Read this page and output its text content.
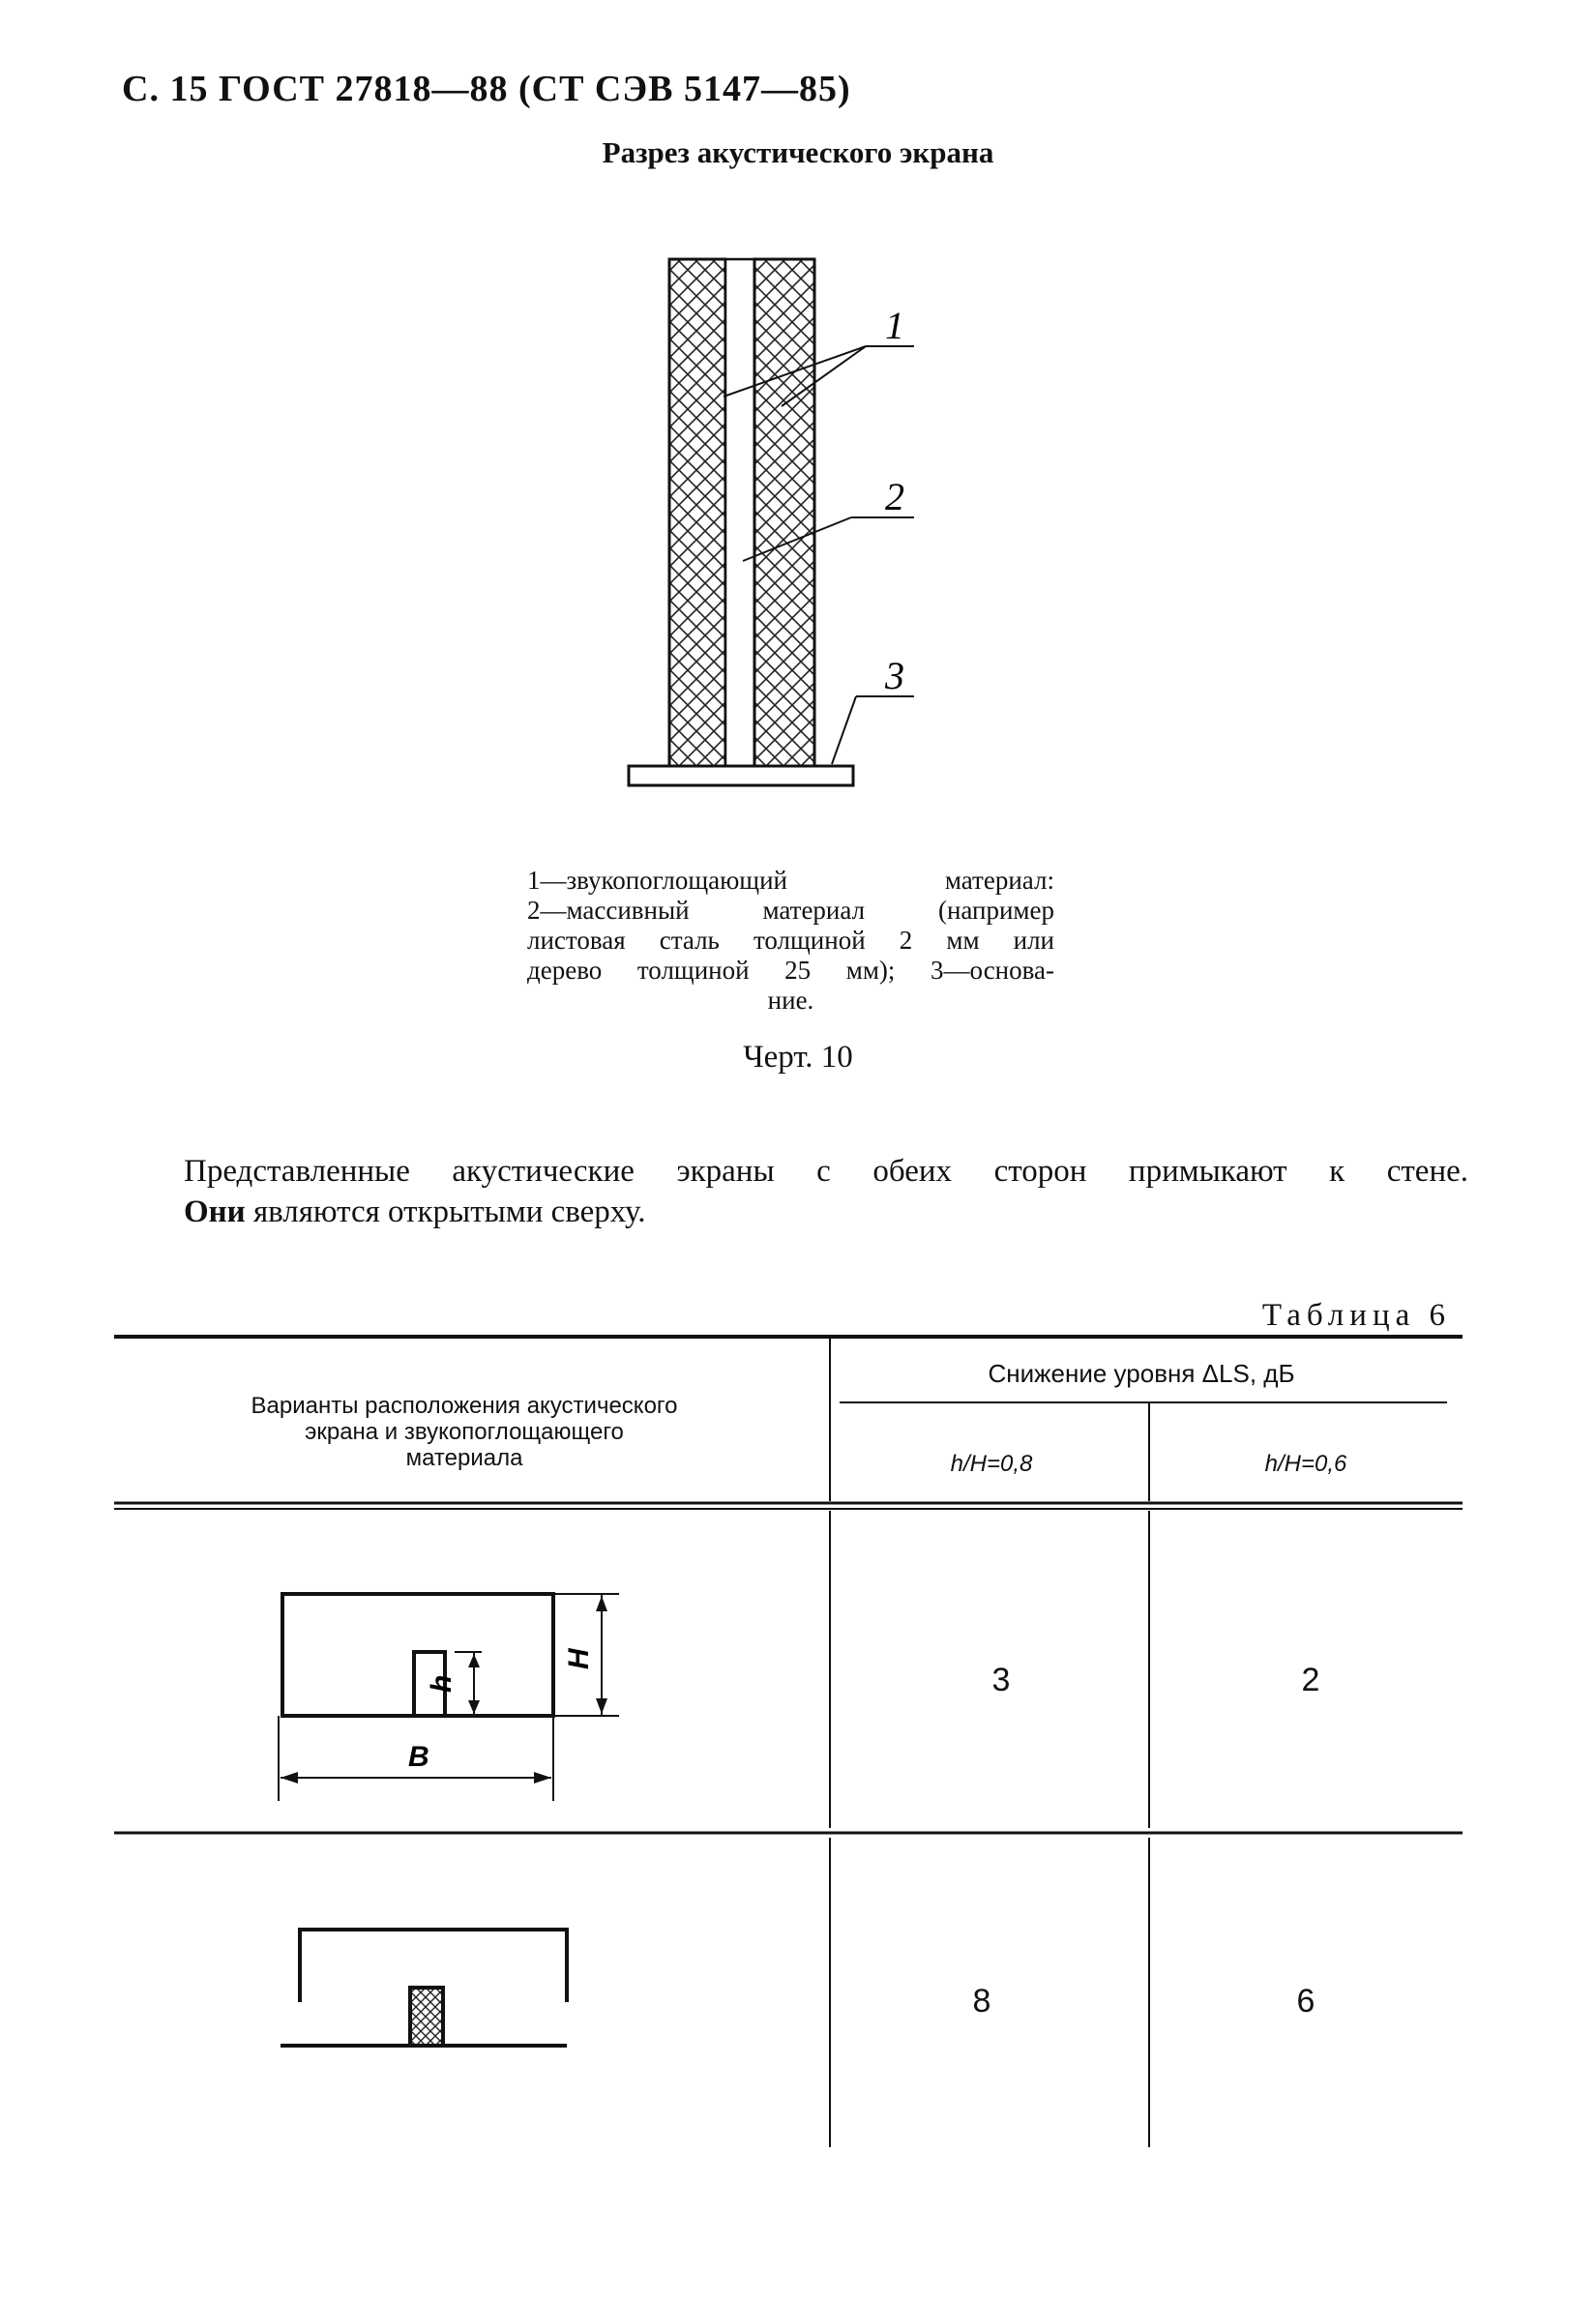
С. 15 ГОСТ 27818—88 (СТ СЭВ 5147—85)
Разрез акустического экрана
1
2
3
1—звукопоглощающий материал:
2—массивный материал (например
листовая сталь толщиной 2 мм или
дерево толщиной 25 мм); 3—основа-
ние.
Черт. 10
Представленные акустические экраны с обеих сторон примыкают к стене.
Они являются открытыми сверху.
Таблица 6
Варианты расположения акустического
экрана и звукопоглощающего
материала
Снижение уровня ΔLS, дБ
h/H=0,8	h/H=0,6
h
H
B
3	2
8	6
